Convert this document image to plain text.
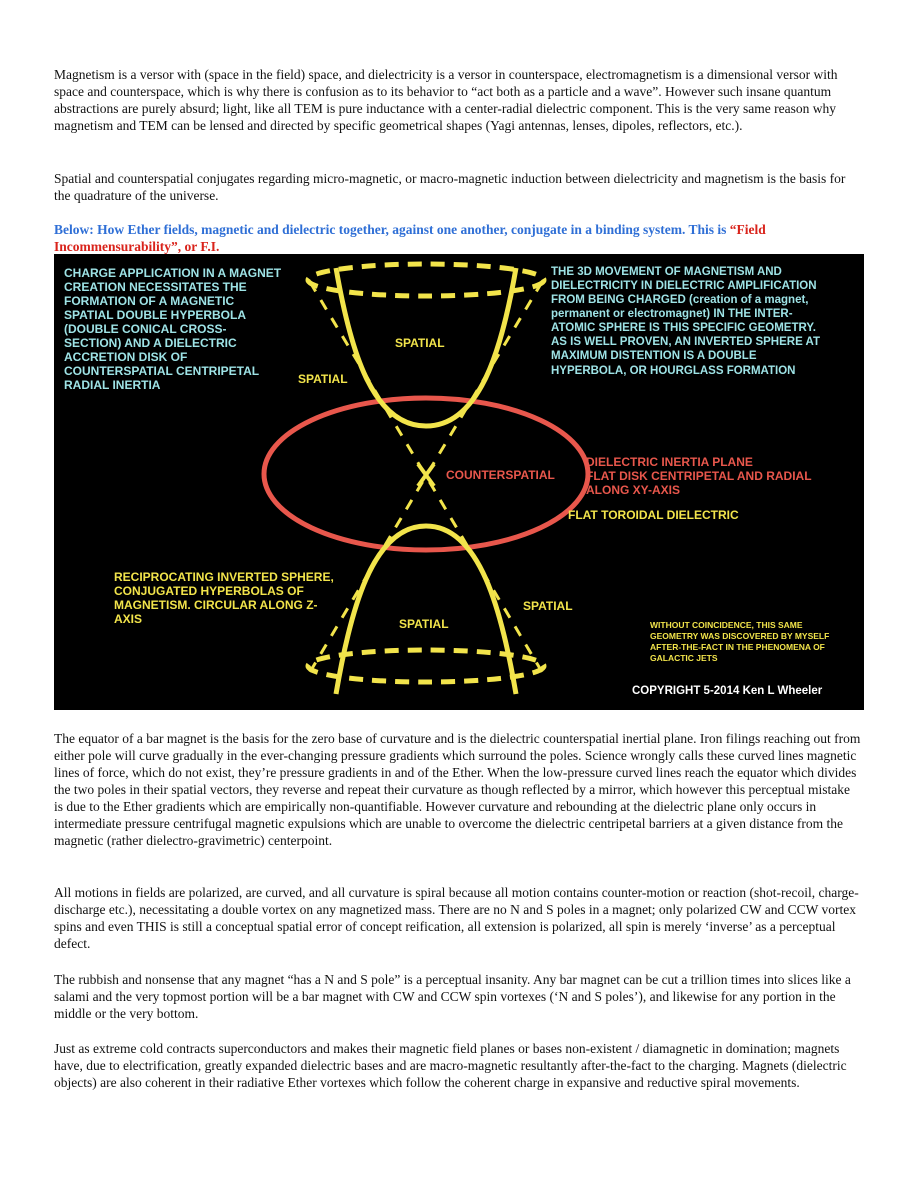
Magnetism is a versor with (space in the field) space, and dielectricity is a versor in counterspace, electromagnetism is a dimensional versor with space and counterspace, which is why there is confusion as to its behavior to “act both as a particle and a wave”. However such insane quantum abstractions are purely absurd; light, like all TEM is pure inductance with a center-radial dielectric component. This is the very same reason why magnetism and TEM can be lensed and directed by specific geometrical shapes (Yagi antennas, lenses, dipoles, reflectors, etc.).

Spatial and counterspatial conjugates regarding micro-magnetic, or macro-magnetic induction between dielectricity and magnetism is the basis for the quadrature of the universe.

Below: How Ether fields, magnetic and dielectric together, against one another, conjugate in a binding system. This is “Field Incommensurability”, or F.I.

CHARGE APPLICATION IN A MAGNET CREATION NECESSITATES THE FORMATION OF A MAGNETIC SPATIAL DOUBLE HYPERBOLA (DOUBLE CONICAL CROSS- SECTION) AND A DIELECTRIC ACCRETION DISK OF COUNTERSPATIAL CENTRIPETAL RADIAL INERTIA
THE 3D MOVEMENT OF MAGNETISM AND DIELECTRICITY IN DIELECTRIC AMPLIFICATION FROM BEING CHARGED (creation of a magnet, permanent or electromagnet) IN THE INTER- ATOMIC SPHERE IS THIS SPECIFIC GEOMETRY. AS IS WELL PROVEN, AN INVERTED SPHERE AT MAXIMUM DISTENTION IS A DOUBLE HYPERBOLA, OR HOURGLASS FORMATION
SPATIAL
SPATIAL
SPATIAL
SPATIAL
COUNTERSPATIAL
DIELECTRIC INERTIA PLANE FLAT DISK CENTRIPETAL AND RADIAL ALONG XY-AXIS
FLAT TOROIDAL DIELECTRIC
RECIPROCATING INVERTED SPHERE, CONJUGATED HYPERBOLAS OF MAGNETISM. CIRCULAR ALONG Z- AXIS	WITHOUT COINCIDENCE, THIS SAME GEOMETRY WAS DISCOVERED BY MYSELF AFTER-THE-FACT IN THE PHENOMENA OF GALACTIC JETS
COPYRIGHT 5-2014 Ken L Wheeler

The equator of a bar magnet is the basis for the zero base of curvature and is the dielectric counterspatial inertial plane. Iron filings reaching out from either pole will curve gradually in the ever-changing pressure gradients which surround the poles. Science wrongly calls these curved lines magnetic lines of force, which do not exist, they’re pressure gradients in and of the Ether. When the low-pressure curved lines reach the equator which divides the two poles in their spatial vectors, they reverse and repeat their curvature as though reflected by a mirror, which however this perceptual mistake is due to the Ether gradients which are empirically non-quantifiable. However curvature and rebounding at the dielectric plane only occurs in intermediate pressure centrifugal magnetic expulsions which are unable to overcome the dielectric centripetal barriers at a given distance from the magnetic (rather dielectro-gravimetric) centerpoint.

All motions in fields are polarized, are curved, and all curvature is spiral because all motion contains counter-motion or reaction (shot-recoil, charge-discharge etc.), necessitating a double vortex on any magnetized mass. There are no N and S poles in a magnet; only polarized CW and CCW vortex spins and even THIS is still a conceptual spatial error of concept reification, all extension is polarized, all spin is merely ‘inverse’ as a perceptual defect.

The rubbish and nonsense that any magnet “has a N and S pole” is a perceptual insanity. Any bar magnet can be cut a trillion times into slices like a salami and the very topmost portion will be a bar magnet with CW and CCW spin vortexes (‘N and S poles’), and likewise for any portion in the middle or the very bottom.

Just as extreme cold contracts superconductors and makes their magnetic field planes or bases non-existent / diamagnetic in domination; magnets have, due to electrification, greatly expanded dielectric bases and are macro-magnetic resultantly after-the-fact to the charging. Magnets (dielectric objects) are also coherent in their radiative Ether vortexes which follow the coherent charge in expansive and reductive spiral movements.
